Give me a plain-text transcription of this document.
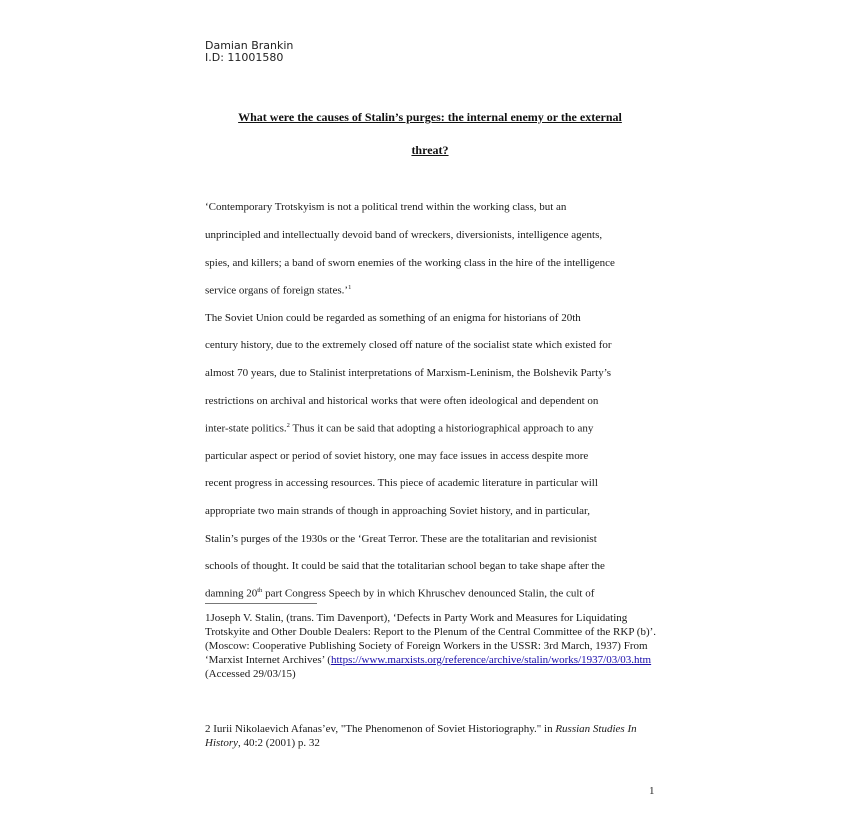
Damian Brankin
I.D: 11001580
What were the causes of Stalin’s purges: the internal enemy or the external
threat?
‘Contemporary Trotskyism is not a political trend within the working class, but an
unprincipled and intellectually devoid band of wreckers, diversionists, intelligence agents,
spies, and killers; a band of sworn enemies of the working class in the hire of the intelligence
service organs of foreign states.’$^1$
The Soviet Union could be regarded as something of an enigma for historians of 20th
century history, due to the extremely closed off nature of the socialist state which existed for
almost 70 years, due to Stalinist interpretations of Marxism-Leninism, the Bolshevik Party’s
restrictions on archival and historical works that were often ideological and dependent on
inter-state politics.$^2$ Thus it can be said that adopting a historiographical approach to any
particular aspect or period of soviet history, one may face issues in access despite more
recent progress in accessing resources. This piece of academic literature in particular will
appropriate two main strands of though in approaching Soviet history, and in particular,
Stalin’s purges of the 1930s or the ‘Great Terror. These are the totalitarian and revisionist
schools of thought. It could be said that the totalitarian school began to take shape after the
damning 20th part Congress Speech by in which Khruschev denounced Stalin, the cult of
1Joseph V. Stalin, (trans. Tim Davenport), ‘Defects in Party Work and Measures for Liquidating Trotskyite and Other Double Dealers: Report to the Plenum of the Central Committee of the RKP (b)’. (Moscow: Cooperative Publishing Society of Foreign Workers in the USSR: 3rd March, 1937) From ‘Marxist Internet Archives’ (https://www.marxists.org/reference/archive/stalin/works/1937/03/03.htm (Accessed 29/03/15)
2 Iurii Nikolaevich Afanas’ev, "The Phenomenon of Soviet Historiography." in Russian Studies In History, 40:2 (2001) p. 32
1
